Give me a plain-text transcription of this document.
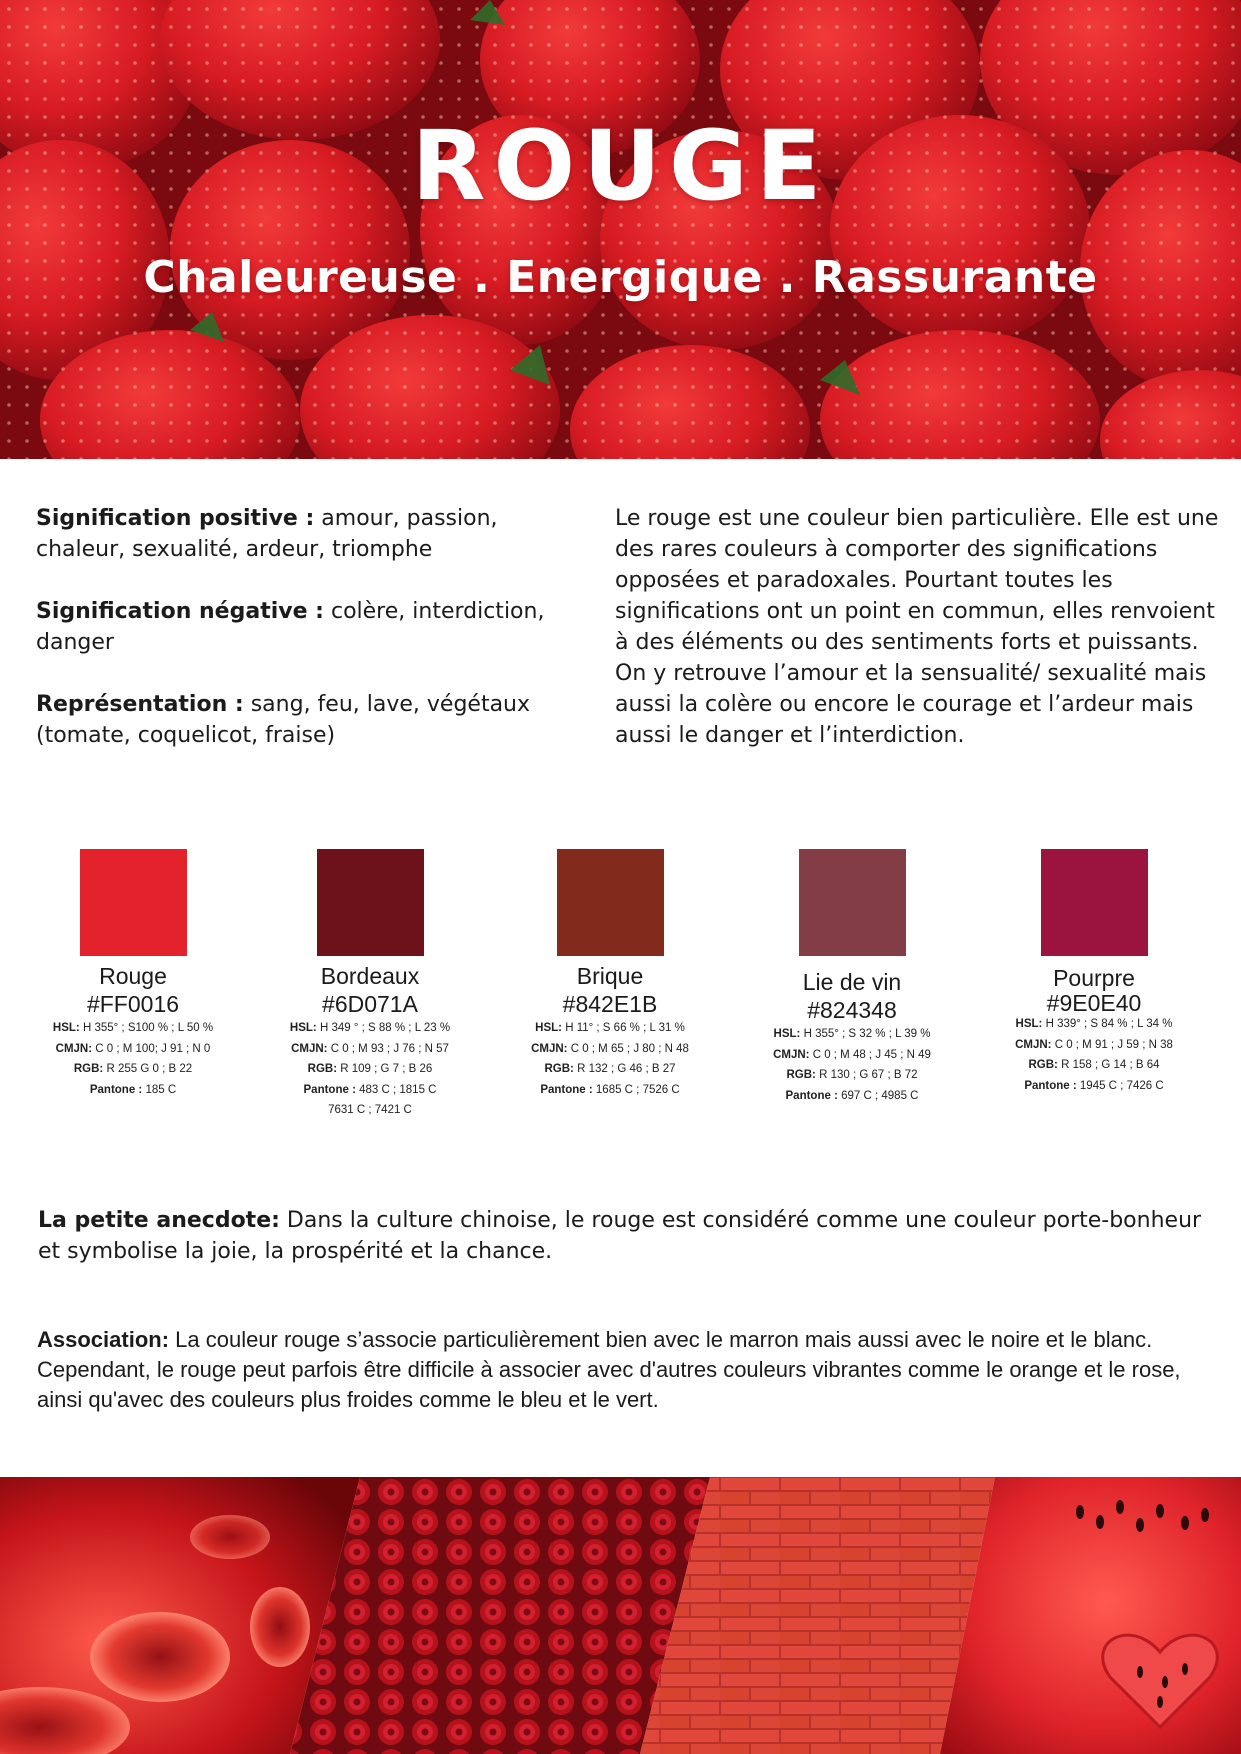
ROUGE
Chaleureuse . Energique . Rassurante

Signification positive : amour, passion, chaleur, sexualité, ardeur, triomphe

Signification négative : colère, interdiction, danger

Représentation : sang, feu, lave, végétaux (tomate, coquelicot, fraise)

Le rouge est une couleur bien particulière. Elle est une des rares couleurs à comporter des significations opposées et paradoxales. Pourtant toutes les significations ont un point en commun, elles renvoient à des éléments ou des sentiments forts et puissants. On y retrouve l’amour et la sensualité/ sexualité mais aussi la colère ou encore le courage et l’ardeur mais aussi le danger et l’interdiction.

Rouge
#FF0016
HSL: H 355° ; S100 % ; L 50 %
CMJN: C 0 ; M 100; J 91 ; N 0
RGB: R 255 G 0 ; B 22
Pantone : 185 C
Bordeaux
#6D071A
HSL: H 349 ° ; S 88 % ; L 23 %
CMJN: C 0 ; M 93 ; J 76 ; N 57
RGB: R 109 ; G 7 ; B 26
Pantone : 483 C ; 1815 C
7631 C ; 7421 C
Brique
#842E1B
HSL: H 11° ; S 66 % ; L 31 %
CMJN: C 0 ; M 65 ; J 80 ; N 48
RGB: R 132 ; G 46 ; B 27
Pantone : 1685 C ; 7526 C
Lie de vin
#824348
HSL: H 355° ; S 32 % ; L 39 %
CMJN: C 0 ; M 48 ; J 45 ; N 49
RGB: R 130 ; G 67 ; B 72
Pantone : 697 C ; 4985 C
Pourpre
#9E0E40
HSL: H 339° ; S 84 % ; L 34 %
CMJN: C 0 ; M 91 ; J 59 ; N 38
RGB: R 158 ; G 14 ; B 64
Pantone : 1945 C ; 7426 C

La petite anecdote: Dans la culture chinoise, le rouge est considéré comme une couleur porte-bonheur et symbolise la joie, la prospérité et la chance.

Association: La couleur rouge s’associe particulièrement bien avec le marron mais aussi avec le noire et le blanc. Cependant, le rouge peut parfois être difficile à associer avec d'autres couleurs vibrantes comme le orange et le rose, ainsi qu'avec des couleurs plus froides comme le bleu et le vert.
